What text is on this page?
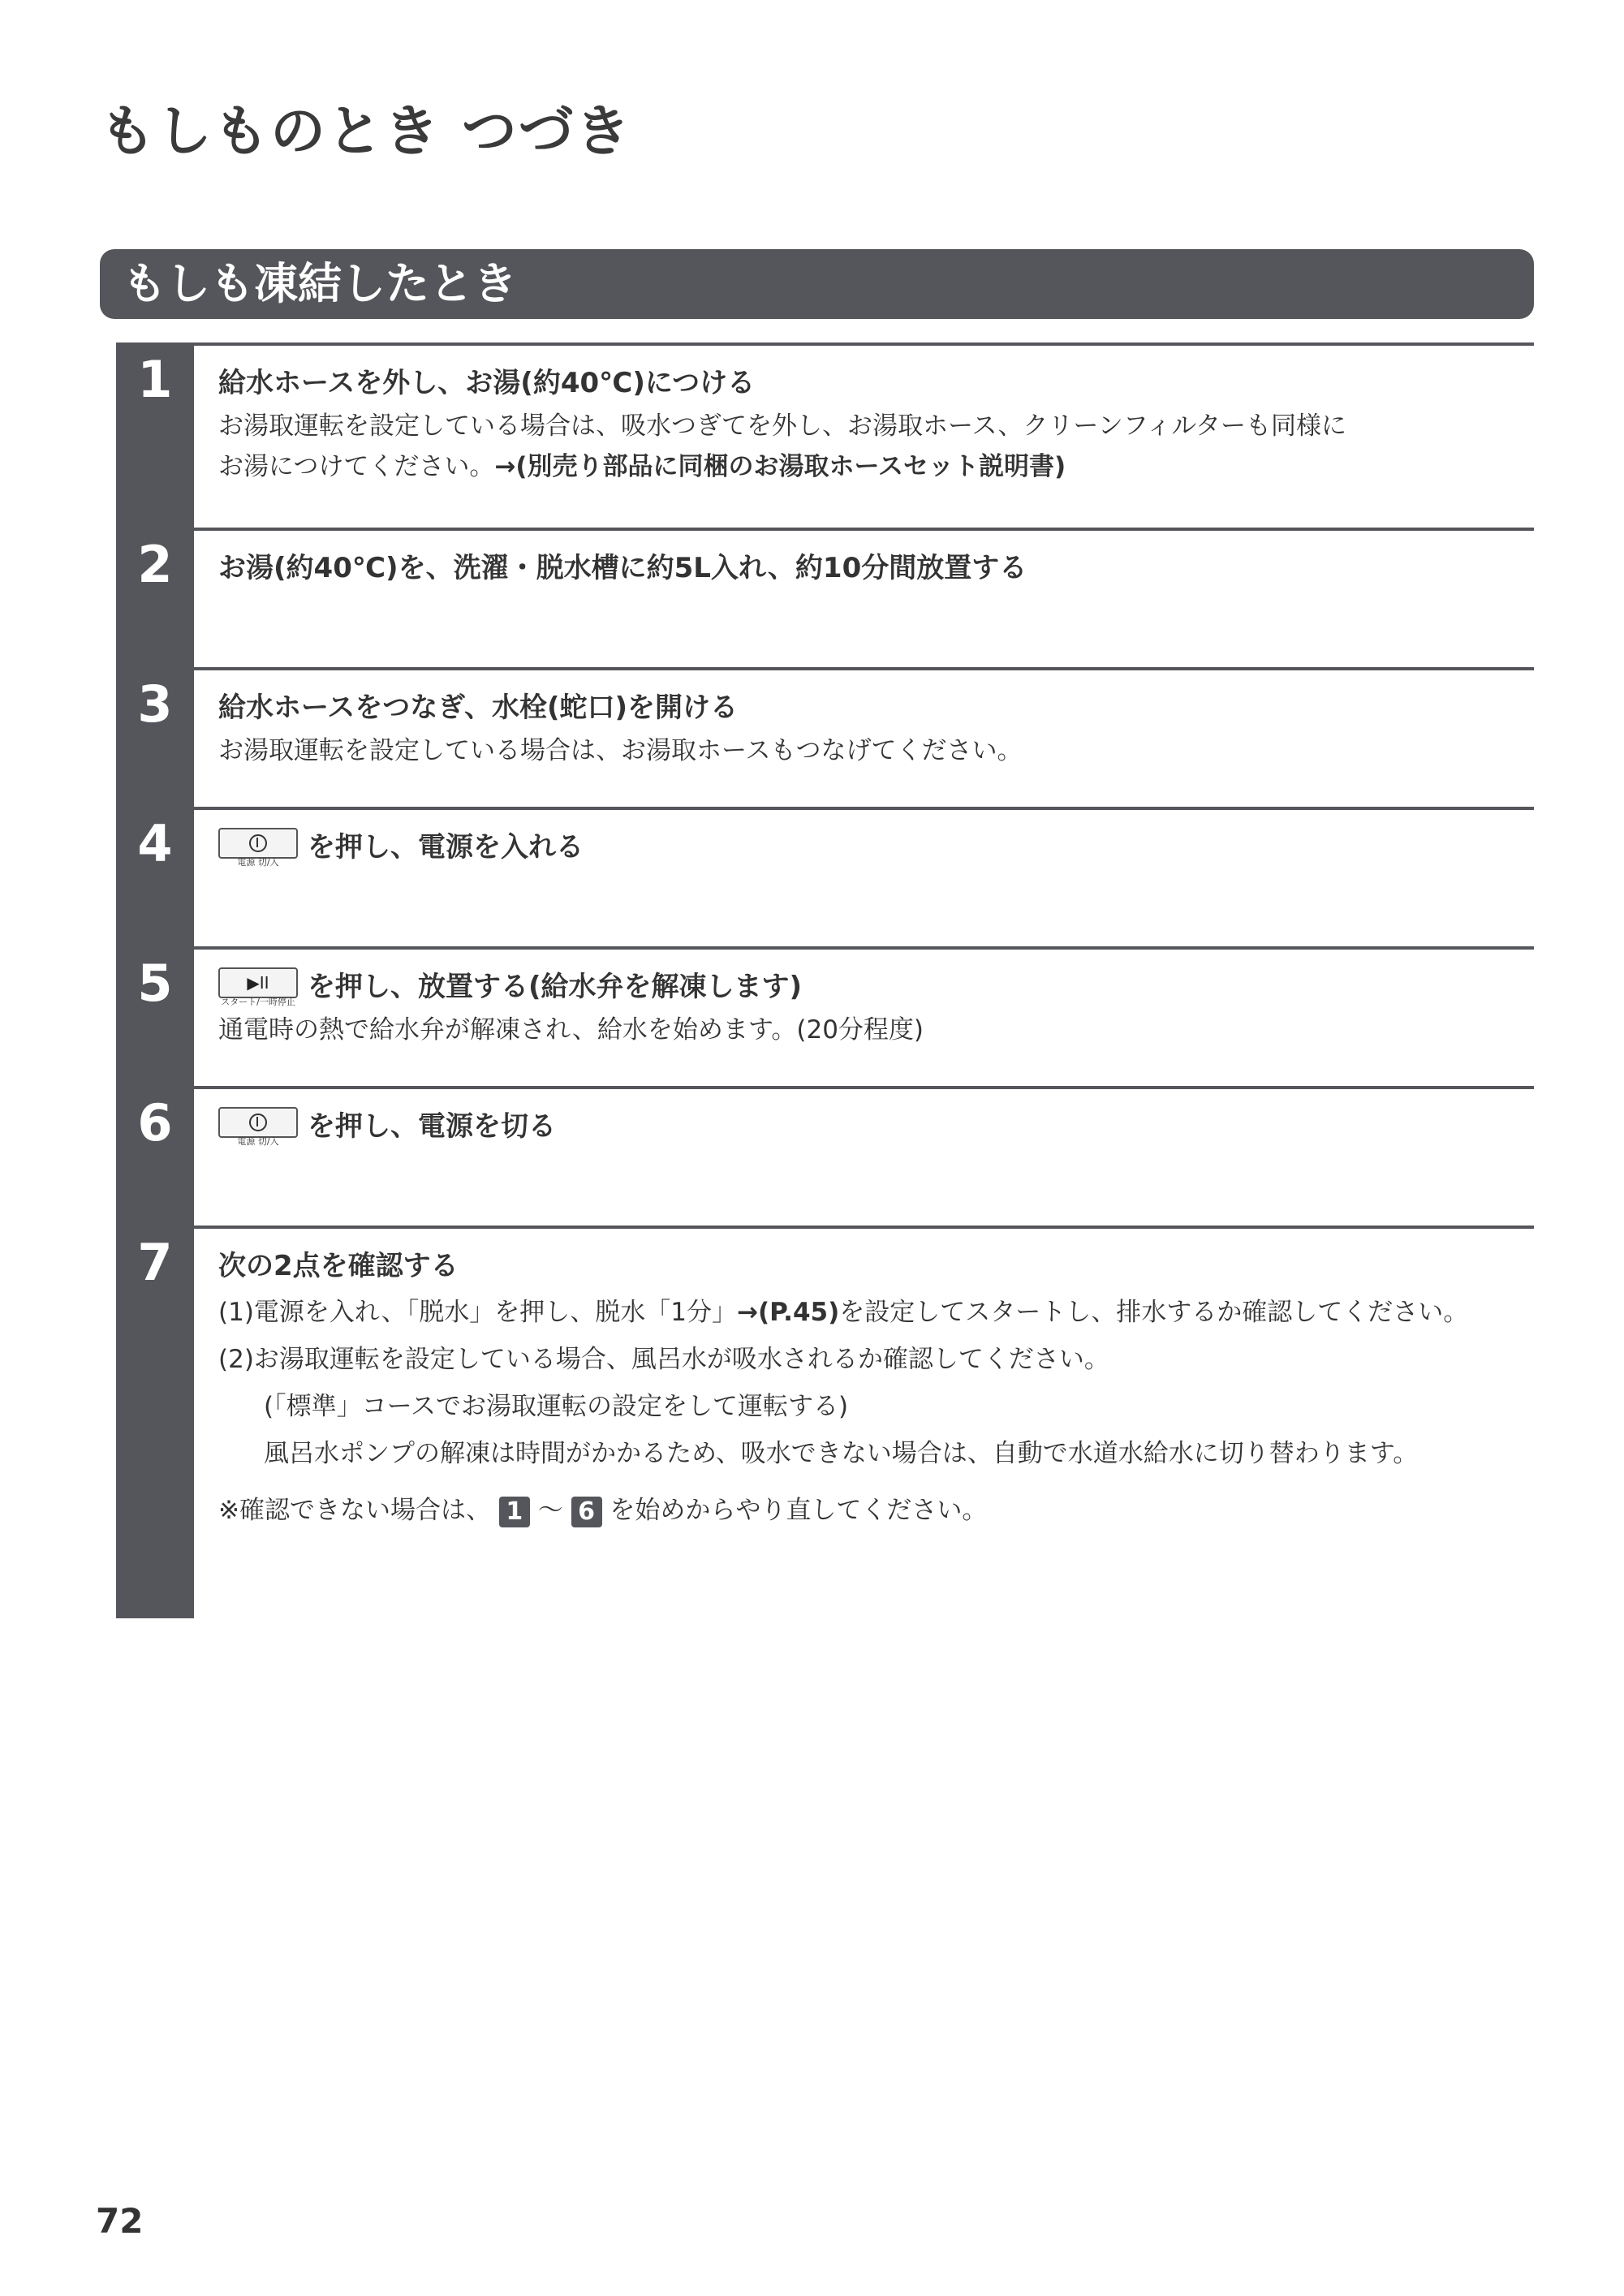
もしものとき つづき
もしも凍結したとき
1	給水ホースを外し、お湯(約40℃)につける
お湯取運転を設定している場合は、吸水つぎてを外し、お湯取ホース、クリーンフィルターも同様に
お湯につけてください。→(別売り部品に同梱のお湯取ホースセット説明書)
2	お湯(約40℃)を、洗濯・脱水槽に約5L入れ、約10分間放置する
3	給水ホースをつなぎ、水栓(蛇口)を開ける
お湯取運転を設定している場合は、お湯取ホースもつなげてください。
4	電源 切/入	を押し、電源を入れる
5	▶II
スタート/一時停止 を押し、放置する(給水弁を解凍します)
通電時の熱で給水弁が解凍され、給水を始めます。(20分程度)
6	電源 切/入	を押し、電源を切る
7	次の2点を確認する
(1)電源を入れ、「脱水」を押し、脱水「1分」→(P.45)を設定してスタートし、排水するか確認してください。
(2)お湯取運転を設定している場合、風呂水が吸水されるか確認してください。
(「標準」コースでお湯取運転の設定をして運転する)
風呂水ポンプの解凍は時間がかかるため、吸水できない場合は、自動で水道水給水に切り替わります。
※確認できない場合は、 1 〜 6 を始めからやり直してください。
72
